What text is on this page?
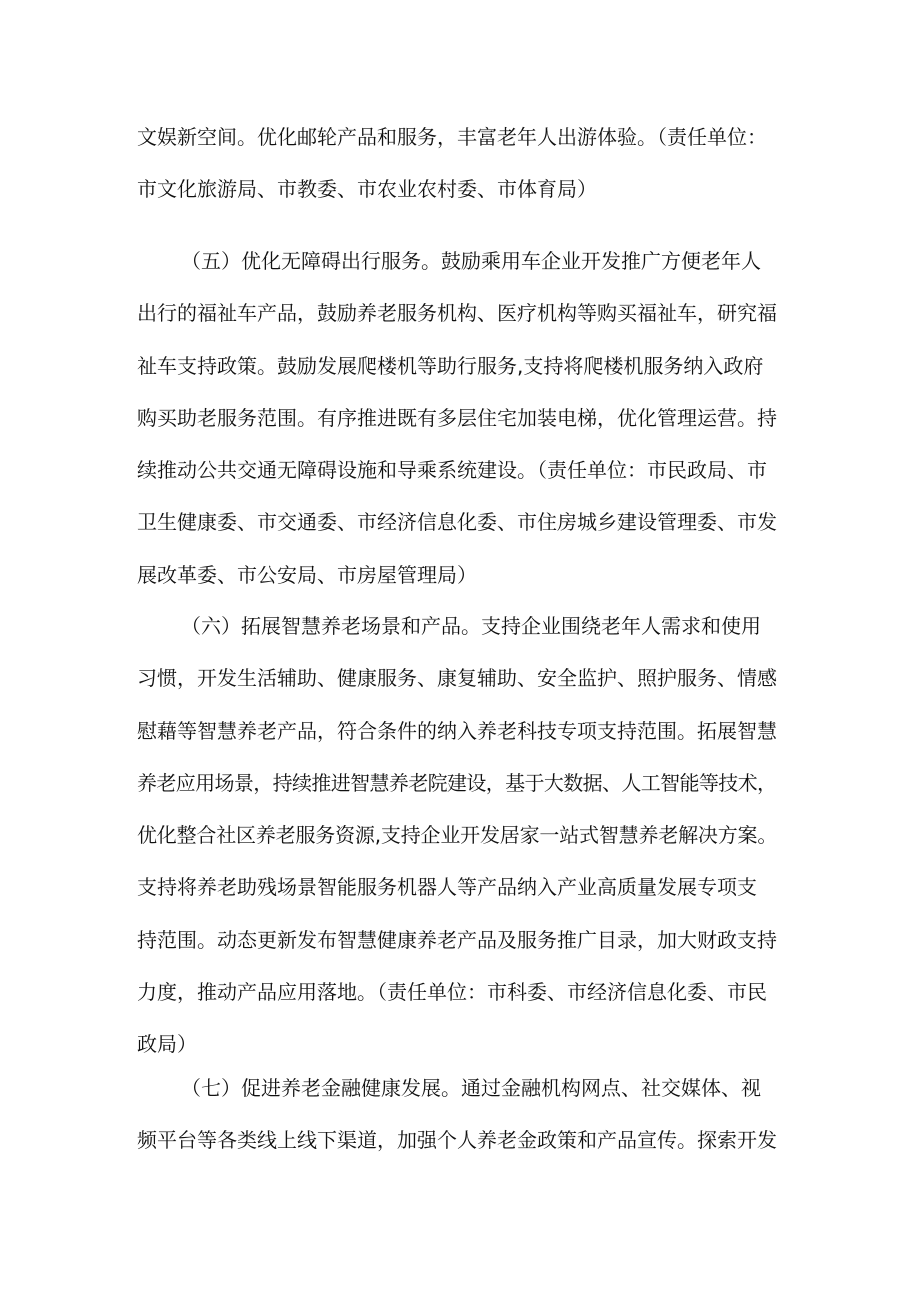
文娱新空间。优化邮轮产品和服务，丰富老年人出游体验。（责任单位：

市文化旅游局、市教委、市农业农村委、市体育局）

（五）优化无障碍出行服务。鼓励乘用车企业开发推广方便老年人

出行的福祉车产品，鼓励养老服务机构、医疗机构等购买福祉车，研究福

祉车支持政策。鼓励发展爬楼机等助行服务,支持将爬楼机服务纳入政府

购买助老服务范围。有序推进既有多层住宅加装电梯，优化管理运营。持

续推动公共交通无障碍设施和导乘系统建设。（责任单位：市民政局、市

卫生健康委、市交通委、市经济信息化委、市住房城乡建设管理委、市发

展改革委、市公安局、市房屋管理局）

（六）拓展智慧养老场景和产品。支持企业围绕老年人需求和使用

习惯，开发生活辅助、健康服务、康复辅助、安全监护、照护服务、情感

慰藉等智慧养老产品，符合条件的纳入养老科技专项支持范围。拓展智慧

养老应用场景，持续推进智慧养老院建设，基于大数据、人工智能等技术，

优化整合社区养老服务资源,支持企业开发居家一站式智慧养老解决方案。

支持将养老助残场景智能服务机器人等产品纳入产业高质量发展专项支

持范围。动态更新发布智慧健康养老产品及服务推广目录，加大财政支持

力度，推动产品应用落地。（责任单位：市科委、市经济信息化委、市民

政局）

（七）促进养老金融健康发展。通过金融机构网点、社交媒体、视

频平台等各类线上线下渠道，加强个人养老金政策和产品宣传。探索开发
